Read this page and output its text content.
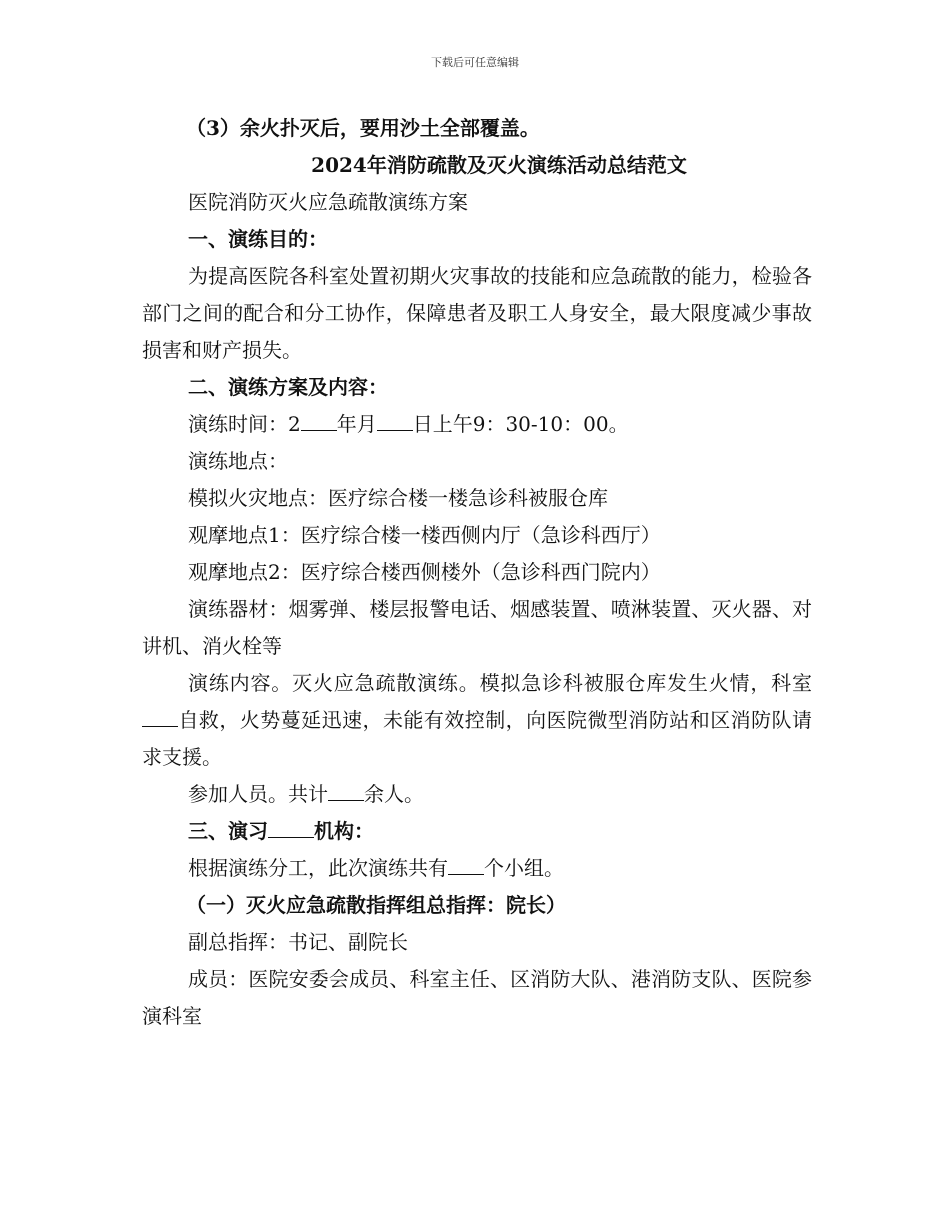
下载后可任意编辑
（3）余火扑灭后，要用沙土全部覆盖。
2024年消防疏散及灭火演练活动总结范文
医院消防灭火应急疏散演练方案
一、演练目的：
为提高医院各科室处置初期火灾事故的技能和应急疏散的能力，检验各部门之间的配合和分工协作，保障患者及职工人身安全，最大限度减少事故损害和财产损失。
二、演练方案及内容：
演练时间：2 年月 日上午9：30-10：00。
演练地点：
模拟火灾地点：医疗综合楼一楼急诊科被服仓库
观摩地点1：医疗综合楼一楼西侧内厅（急诊科西厅）
观摩地点2：医疗综合楼西侧楼外（急诊科西门院内）
演练器材：烟雾弹、楼层报警电话、烟感装置、喷淋装置、灭火器、对讲机、消火栓等
演练内容。灭火应急疏散演练。模拟急诊科被服仓库发生火情，科室自救，火势蔓延迅速，未能有效控制，向医院微型消防站和区消防队请求支援。
参加人员。共计 余人。
三、演习 机构：
根据演练分工，此次演练共有 个小组。
（一）灭火应急疏散指挥组总指挥：院长）
副总指挥：书记、副院长
成员：医院安委会成员、科室主任、区消防大队、港消防支队、医院参演科室
